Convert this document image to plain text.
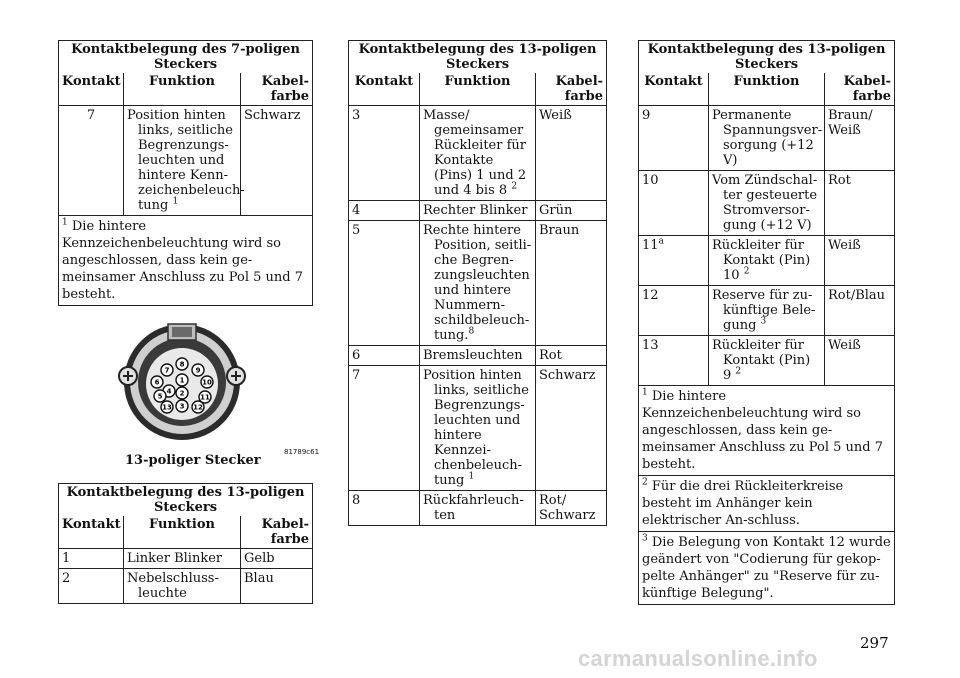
Kontaktbelegung des 7-poligen Steckers		
Kontakt	Funktion	Kabel-farbe
7	Position hinten links, seitliche Begrenzungs-leuchten und hintere Kenn-zeichenbeleuch-tung $^1$	Schwarz
$^1$ Die hintere Kennzeichenbeleuchtung wird so angeschlossen, dass kein ge-meinsamer Anschluss zu Pol 5 und 7 besteht.		
1
2
3
4
5
6
7
8
9
10
11
12
13
13-poliger Stecker
81789c61
Kontaktbelegung des 13-poligen Steckers		
Kontakt	Funktion	Kabel-farbe
1	Linker Blinker	Gelb
2	Nebelschluss-leuchte	Blau
Kontaktbelegung des 13-poligen Steckers		
Kontakt	Funktion	Kabel-farbe
3	Masse/ gemeinsamer Rückleiter für Kontakte (Pins) 1 und 2 und 4 bis 8 $^2$	Weiß
4	Rechter Blinker	Grün
5	Rechte hintere Position, seitli-che Begren-zungsleuchten und hintere Nummern-schildbeleuch-tung.$^8$	Braun
6	Bremsleuchten	Rot
7	Position hinten links, seitliche Begrenzungs-leuchten und hintere Kennzei-chenbeleuch-tung $^1$	Schwarz
8	Rückfahrleuch-ten	Rot/ Schwarz
Kontaktbelegung des 13-poligen Steckers		
Kontakt	Funktion	Kabel-farbe
9	Permanente Spannungsver-sorgung (+12 V)	Braun/ Weiß
10	Vom Zündschal-ter gesteuerte Stromversor-gung (+12 V)	Rot
11$^a$	Rückleiter für Kontakt (Pin) 10 $^2$	Weiß
12	Reserve für zu-künftige Bele-gung $^3$	Rot/Blau
13	Rückleiter für Kontakt (Pin) 9 $^2$	Weiß
$^1$ Die hintere Kennzeichenbeleuchtung wird so angeschlossen, dass kein ge-meinsamer Anschluss zu Pol 5 und 7 besteht.		
$^2$ Für die drei Rückleiterkreise besteht im Anhänger kein elektrischer An-schluss.		
$^3$ Die Belegung von Kontakt 12 wurde geändert von "Codierung für gekop-pelte Anhänger" zu "Reserve für zu-künftige Belegung".		
297
carmanualsonline.info
